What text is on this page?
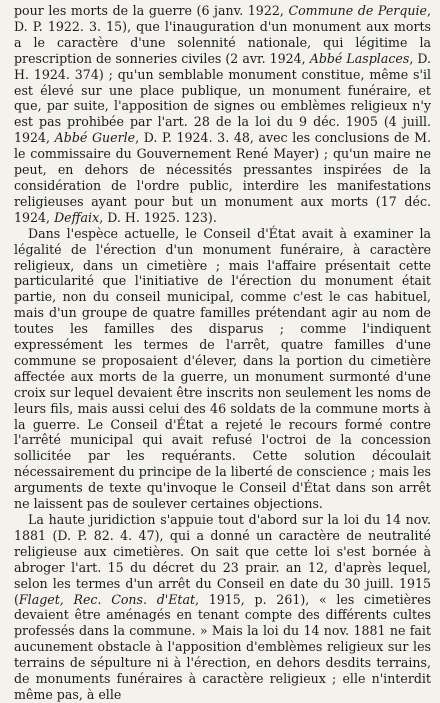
pour les morts de la guerre (6 janv. 1922, Commune de Perquie, D. P. 1922. 3. 15), que l'inauguration d'un monument aux morts a le caractère d'une solennité nationale, qui légitime la prescription de sonneries civiles (2 avr. 1924, Abbé Lasplaces, D. H. 1924. 374) ; qu'un semblable monument constitue, même s'il est élevé sur une place publique, un monument funéraire, et que, par suite, l'apposition de signes ou emblèmes religieux n'y est pas prohibée par l'art. 28 de la loi du 9 déc. 1905 (4 juill. 1924, Abbé Guerle, D. P. 1924. 3. 48, avec les conclusions de M. le commissaire du Gouvernement René Mayer) ; qu'un maire ne peut, en dehors de nécessités pressantes inspirées de la considération de l'ordre public, interdire les manifestations religieuses ayant pour but un monument aux morts (17 déc. 1924, Deffaix, D. H. 1925. 123).

Dans l'espèce actuelle, le Conseil d'État avait à examiner la légalité de l'érection d'un monument funéraire, à caractère religieux, dans un cimetière ; mais l'affaire présentait cette particularité que l'initiative de l'érection du monument était partie, non du conseil municipal, comme c'est le cas habituel, mais d'un groupe de quatre familles prétendant agir au nom de toutes les familles des disparus ; comme l'indiquent expressément les termes de l'arrêt, quatre familles d'une commune se proposaient d'élever, dans la portion du cimetière affectée aux morts de la guerre, un monument surmonté d'une croix sur lequel devaient être inscrits non seulement les noms de leurs fils, mais aussi celui des 46 soldats de la commune morts à la guerre. Le Conseil d'État a rejeté le recours formé contre l'arrêté municipal qui avait refusé l'octroi de la concession sollicitée par les requérants. Cette solution découlait nécessairement du principe de la liberté de conscience ; mais les arguments de texte qu'invoque le Conseil d'État dans son arrêt ne laissent pas de soulever certaines objections.

La haute juridiction s'appuie tout d'abord sur la loi du 14 nov. 1881 (D. P. 82. 4. 47), qui a donné un caractère de neutralité religieuse aux cimetières. On sait que cette loi s'est bornée à abroger l'art. 15 du décret du 23 prair. an 12, d'après lequel, selon les termes d'un arrêt du Conseil en date du 30 juill. 1915 (Flaget, Rec. Cons. d'Etat, 1915, p. 261), « les cimetières devaient être aménagés en tenant compte des différents cultes professés dans la commune. » Mais la loi du 14 nov. 1881 ne fait aucunement obstacle à l'apposition d'emblèmes religieux sur les terrains de sépulture ni à l'érection, en dehors desdits terrains, de monuments funéraires à caractère religieux ; elle n'interdit même pas, à elle
